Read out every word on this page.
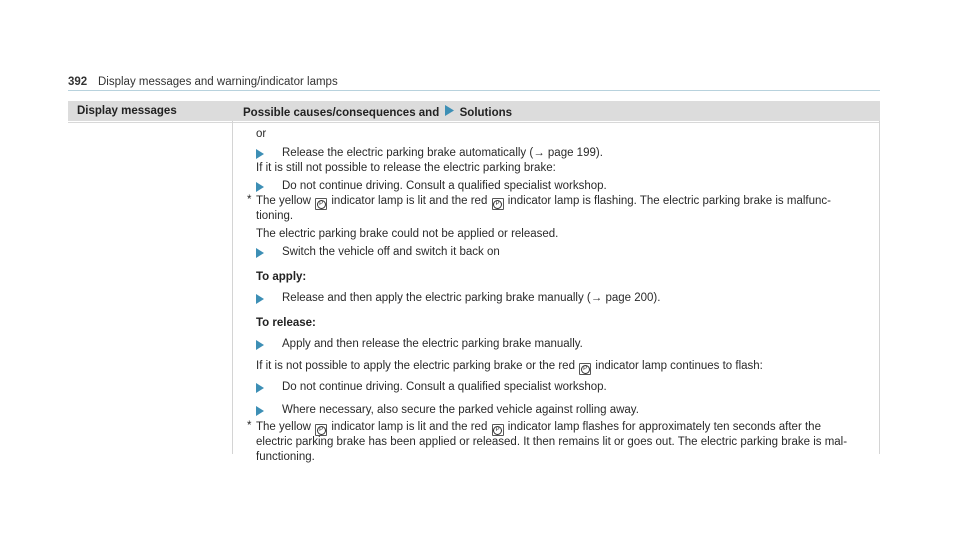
392 Display messages and warning/indicator lamps
Display messages	Possible causes/consequences and Solutions
or
Release the electric parking brake automatically (→ page 199).
If it is still not possible to release the electric parking brake:
Do not continue driving. Consult a qualified specialist workshop.
* The yellow P indicator lamp is lit and the red P indicator lamp is flashing. The electric parking brake is malfunc-
tioning.
The electric parking brake could not be applied or released.
Switch the vehicle off and switch it back on
To apply:
Release and then apply the electric parking brake manually (→ page 200).
To release:
Apply and then release the electric parking brake manually.
If it is not possible to apply the electric parking brake or the red P indicator lamp continues to flash:
Do not continue driving. Consult a qualified specialist workshop.
Where necessary, also secure the parked vehicle against rolling away.
* The yellow P indicator lamp is lit and the red P indicator lamp flashes for approximately ten seconds after the
electric parking brake has been applied or released. It then remains lit or goes out. The electric parking brake is mal-
functioning.
